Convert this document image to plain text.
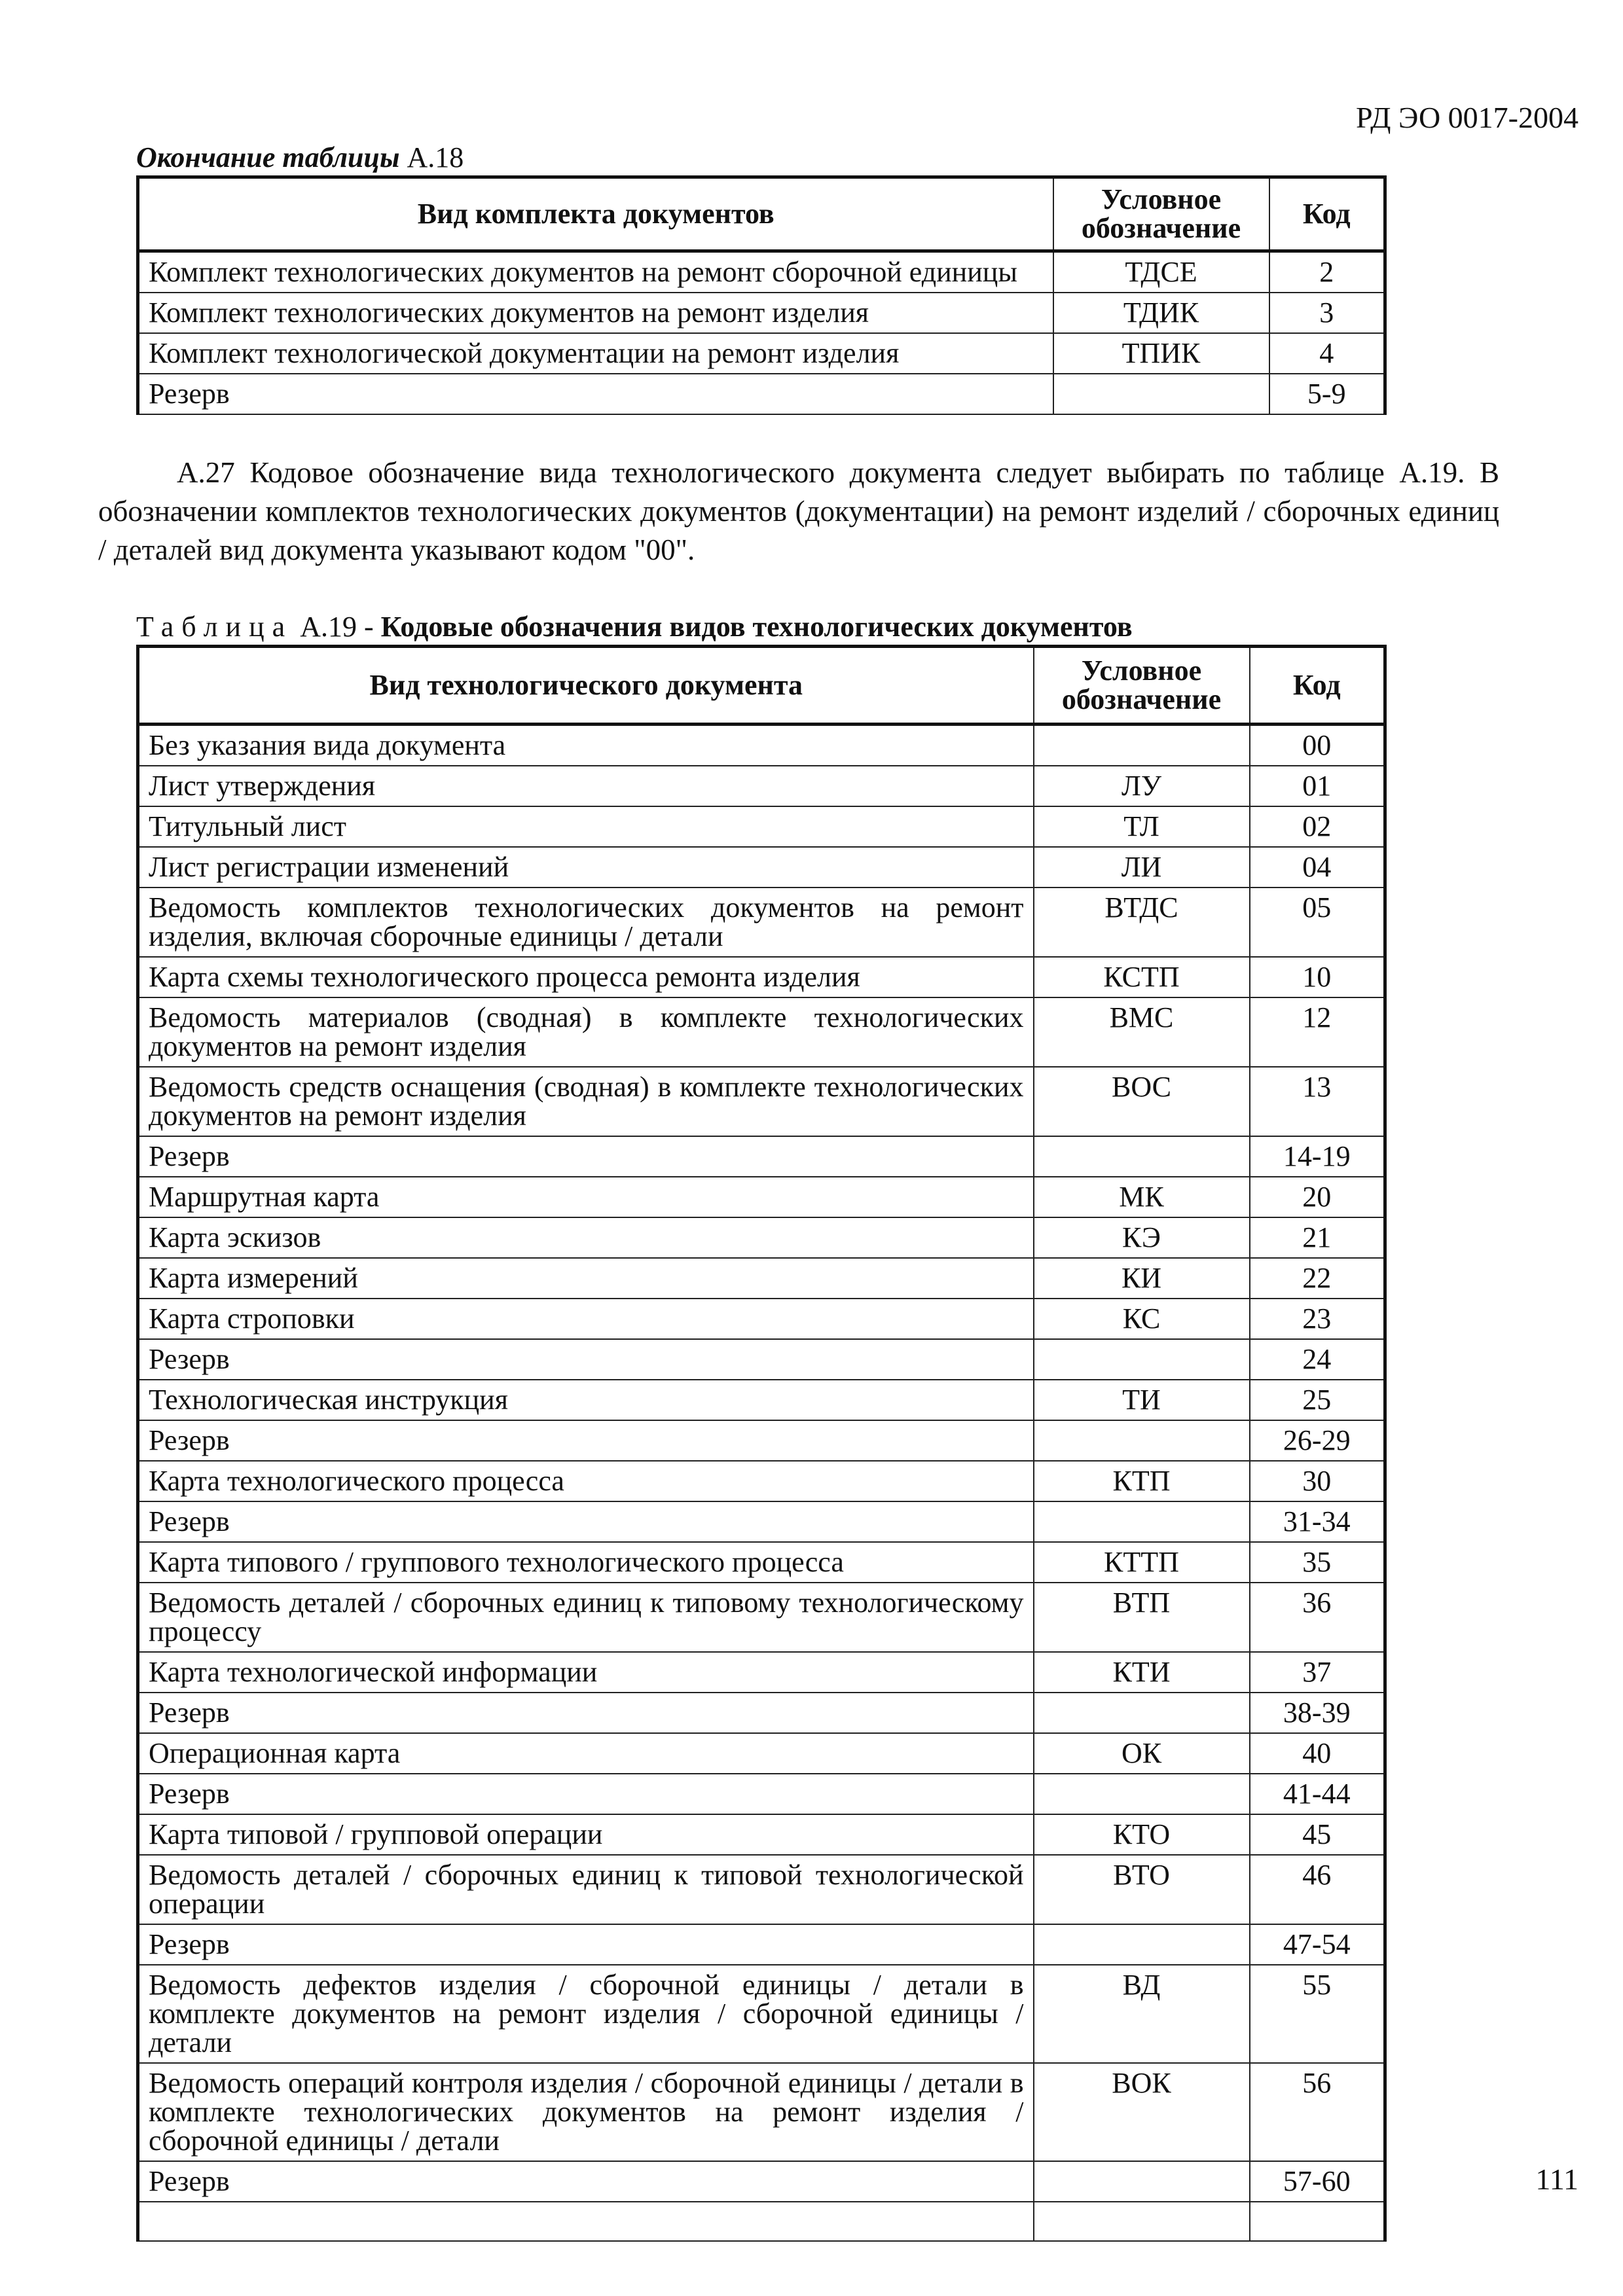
РД ЭО 0017-2004
Окончание таблицы А.18
Вид комплекта документов	Условное обозначение	Код
Комплект технологических документов на ремонт сборочной единицы	ТДСЕ	2
Комплект технологических документов на ремонт изделия	ТДИК	3
Комплект технологической документации на ремонт изделия	ТПИК	4
Резерв		5-9
А.27 Кодовое обозначение вида технологического документа следует выбирать по таблице А.19. В обозначении комплектов технологических документов (документации) на ремонт изделий / сборочных единиц / деталей вид документа указывают кодом "00".
Таблица А.19 - Кодовые обозначения видов технологических документов
Вид технологического документа	Условное обозначение	Код
Без указания вида документа		00
Лист утверждения	ЛУ	01
Титульный лист	ТЛ	02
Лист регистрации изменений	ЛИ	04
Ведомость комплектов технологических документов на ремонт изделия, включая сборочные единицы / детали	ВТДС	05
Карта схемы технологического процесса ремонта изделия	КСТП	10
Ведомость материалов (сводная) в комплекте технологических документов на ремонт изделия	ВМС	12
Ведомость средств оснащения (сводная) в комплекте технологических документов на ремонт изделия	ВОС	13
Резерв		14-19
Маршрутная карта	МК	20
Карта эскизов	КЭ	21
Карта измерений	КИ	22
Карта строповки	КС	23
Резерв		24
Технологическая инструкция	ТИ	25
Резерв		26-29
Карта технологического процесса	КТП	30
Резерв		31-34
Карта типового / группового технологического процесса	КТТП	35
Ведомость деталей / сборочных единиц к типовому технологическому процессу	ВТП	36
Карта технологической информации	КТИ	37
Резерв		38-39
Операционная карта	ОК	40
Резерв		41-44
Карта типовой / групповой операции	КТО	45
Ведомость деталей / сборочных единиц к типовой технологической операции	ВТО	46
Резерв		47-54
Ведомость дефектов изделия / сборочной единицы / детали в комплекте документов на ремонт изделия / сборочной единицы / детали	ВД	55
Ведомость операций контроля изделия / сборочной единицы / детали в комплекте технологических документов на ремонт изделия / сборочной единицы / детали	ВОК	56
Резерв		57-60
			111
